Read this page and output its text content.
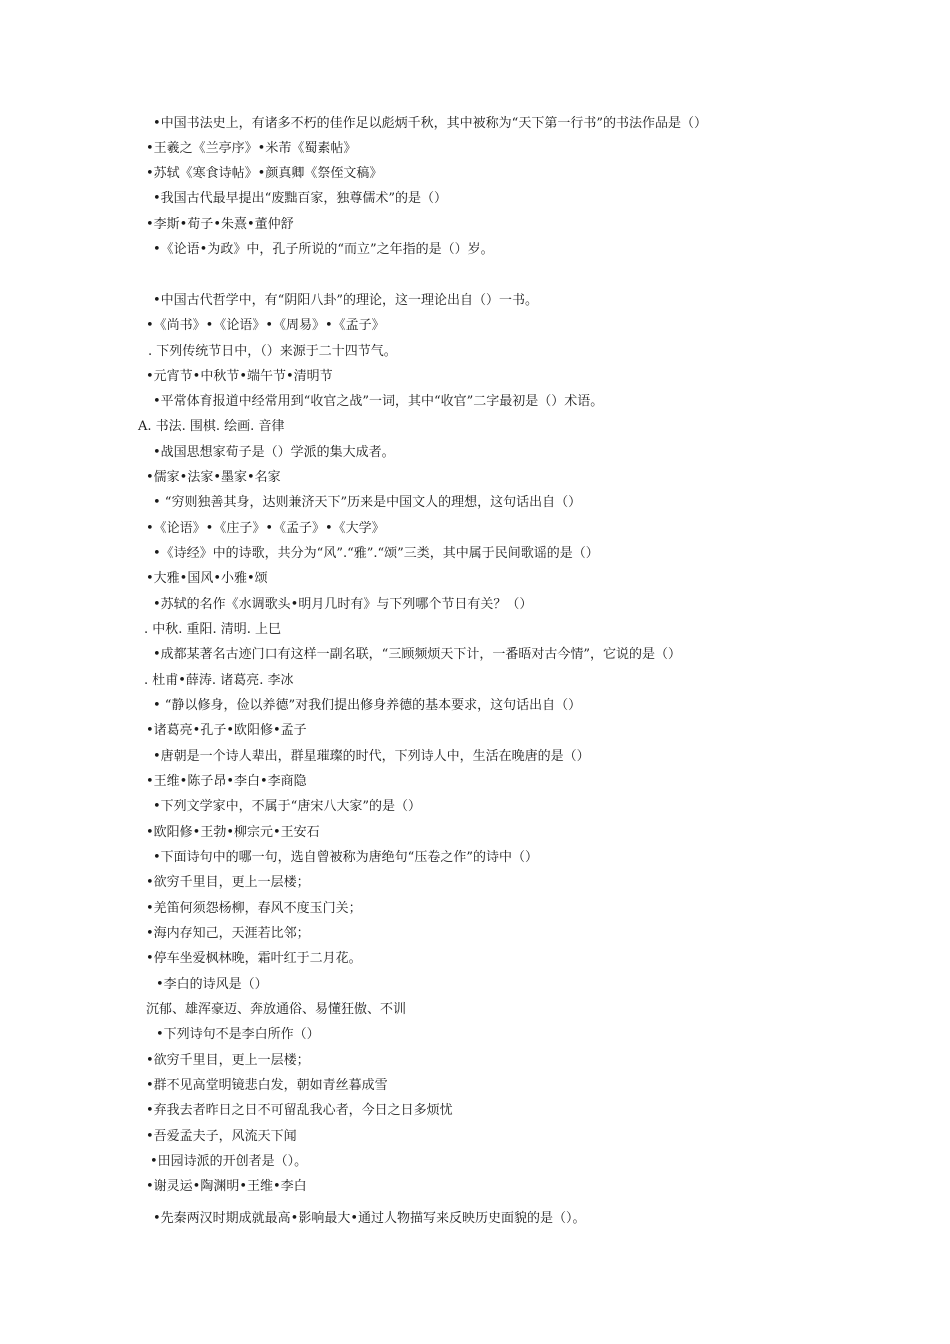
•中国书法史上，有诸多不朽的佳作足以彪炳千秋，其中被称为“天下第一行书”的书法作品是（）
•王羲之《兰亭序》•米芾《蜀素帖》
•苏轼《寒食诗帖》•颜真卿《祭侄文稿》
•我国古代最早提出“废黜百家，独尊儒术”的是（）
•李斯•荀子•朱熹•董仲舒
•《论语•为政》中，孔子所说的“而立”之年指的是（）岁。
•中国古代哲学中，有“阴阳八卦”的理论，这一理论出自（）一书。
•《尚书》•《论语》•《周易》•《孟子》
. 下列传统节日中，（）来源于二十四节气。
•元宵节•中秋节•端午节•清明节
•平常体育报道中经常用到“收官之战”一词，其中“收官”二字最初是（）术语。
A. 书法. 围棋. 绘画. 音律
•战国思想家荀子是（）学派的集大成者。
•儒家•法家•墨家•名家
• “穷则独善其身，达则兼济天下”历来是中国文人的理想，这句话出自（）
•《论语》•《庄子》•《孟子》•《大学》
•《诗经》中的诗歌，共分为“风”.“雅”.“颂”三类，其中属于民间歌谣的是（）
•大雅•国风•小雅•颂
•苏轼的名作《水调歌头•明月几时有》与下列哪个节日有关？（）
. 中秋. 重阳. 清明. 上巳
•成都某著名古迹门口有这样一副名联，“三顾频烦天下计，一番晤对古今情”，它说的是（）
. 杜甫•薛涛. 诸葛亮. 李冰
• “静以修身，俭以养德”对我们提出修身养德的基本要求，这句话出自（）
•诸葛亮•孔子•欧阳修•孟子
•唐朝是一个诗人辈出，群星璀璨的时代，下列诗人中，生活在晚唐的是（）
•王维•陈子昂•李白•李商隐
•下列文学家中，不属于“唐宋八大家”的是（）
•欧阳修•王勃•柳宗元•王安石
•下面诗句中的哪一句，选自曾被称为唐绝句“压卷之作”的诗中（）
•欲穷千里目，更上一层楼；
•羌笛何须怨杨柳，春风不度玉门关；
•海内存知己，天涯若比邻；
•停车坐爱枫林晚，霜叶红于二月花。
•李白的诗风是（）
沉郁、雄浑豪迈、奔放通俗、易懂狂傲、不训
•下列诗句不是李白所作（）
•欲穷千里目，更上一层楼；
•群不见高堂明镜悲白发，朝如青丝暮成雪
•弃我去者昨日之日不可留乱我心者，今日之日多烦忧
•吾爱孟夫子，风流天下闻
•田园诗派的开创者是（）。
•谢灵运•陶渊明•王维•李白
•先秦两汉时期成就最高•影响最大•通过人物描写来反映历史面貌的是（）。
